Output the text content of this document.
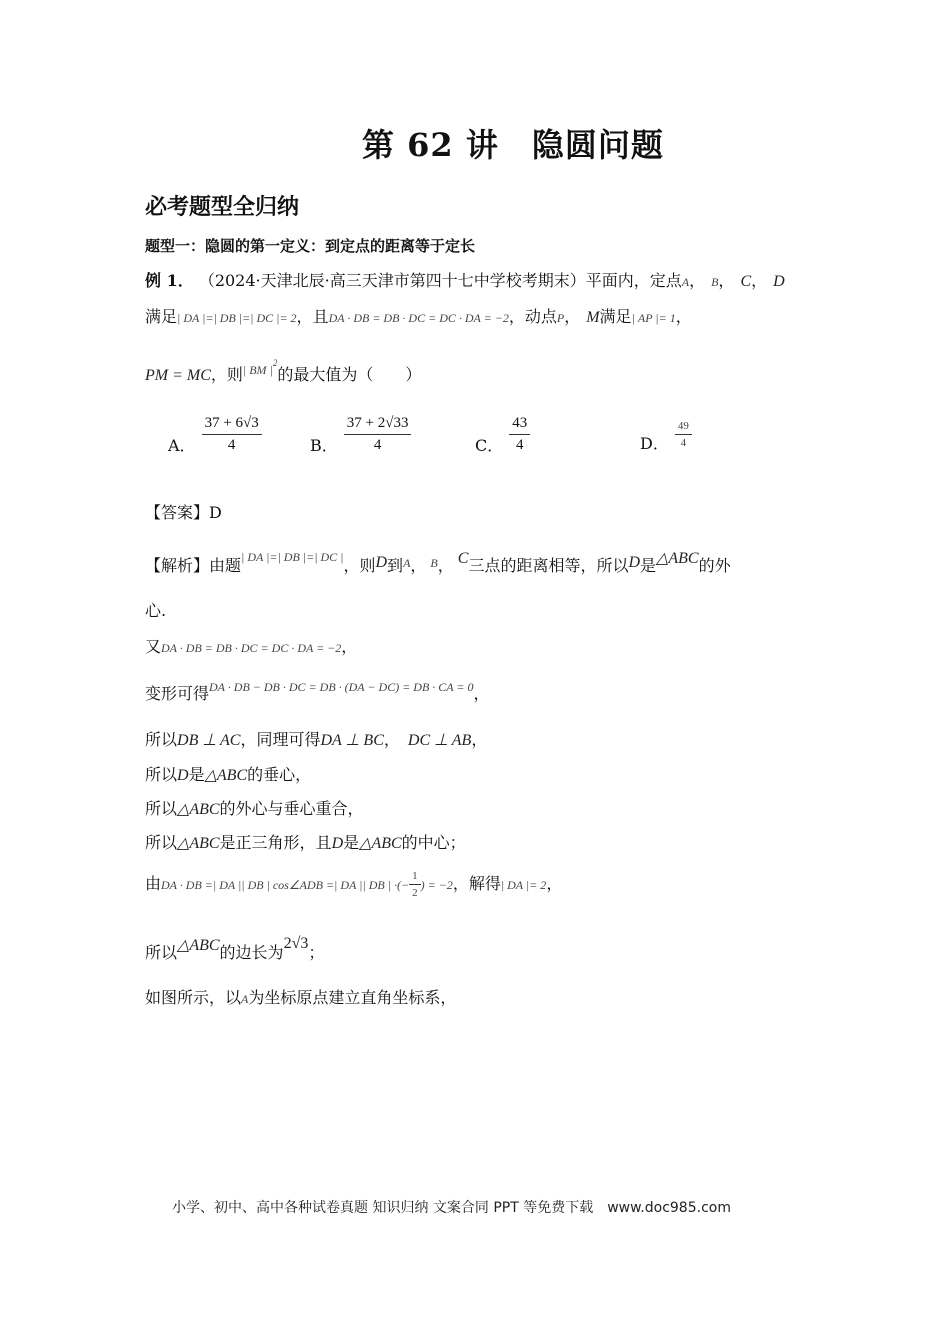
第 62 讲　隐圆问题
必考题型全归纳
题型一：隐圆的第一定义：到定点的距离等于定长
例 1． （2024·天津北辰·高三天津市第四十七中学校考期末）平面内，定点A， B， C， D
满足| DA |=| DB |=| DC |= 2，且DA · DB = DB · DC = DC · DA = −2，动点P， M满足| AP |= 1，
PM = MC，则$^{| BM |2}$的最大值为（　　）
A． $\frac{37 + 6√3}{4}$	B． $\frac{37 + 2√33}{4}$	C． $\frac{43}{4}$	D． $\frac{49}{4}$
【答案】D
【解析】由题$^{| DA |=| DB |=| DC |}$，则D到$^A$， $^B$， C三点的距离相等，所以D是△ABC的外
心.
又DA · DB = DB · DC = DC · DA = −2，
变形可得$^{DA \cdot DB - DB \cdot DC = DB \cdot (DA - DC) = DB \cdot CA = 0}$，
所以DB ⊥ AC，同理可得DA ⊥ BC， DC ⊥ AB，
所以D是△ABC的垂心，
所以△ABC的外心与垂心重合，
所以△ABC是正三角形，且D是△ABC的中心；
由DA · DB =| DA || DB | cos∠ADB =| DA || DB | ·(− $\frac{1}{2}$ ) = −2，解得| DA |= 2，
所以△ABC的边长为2√3；
如图所示，以A为坐标原点建立直角坐标系，
小学、初中、高中各种试卷真题 知识归纳 文案合同 PPT 等免费下载　www.doc985.com
